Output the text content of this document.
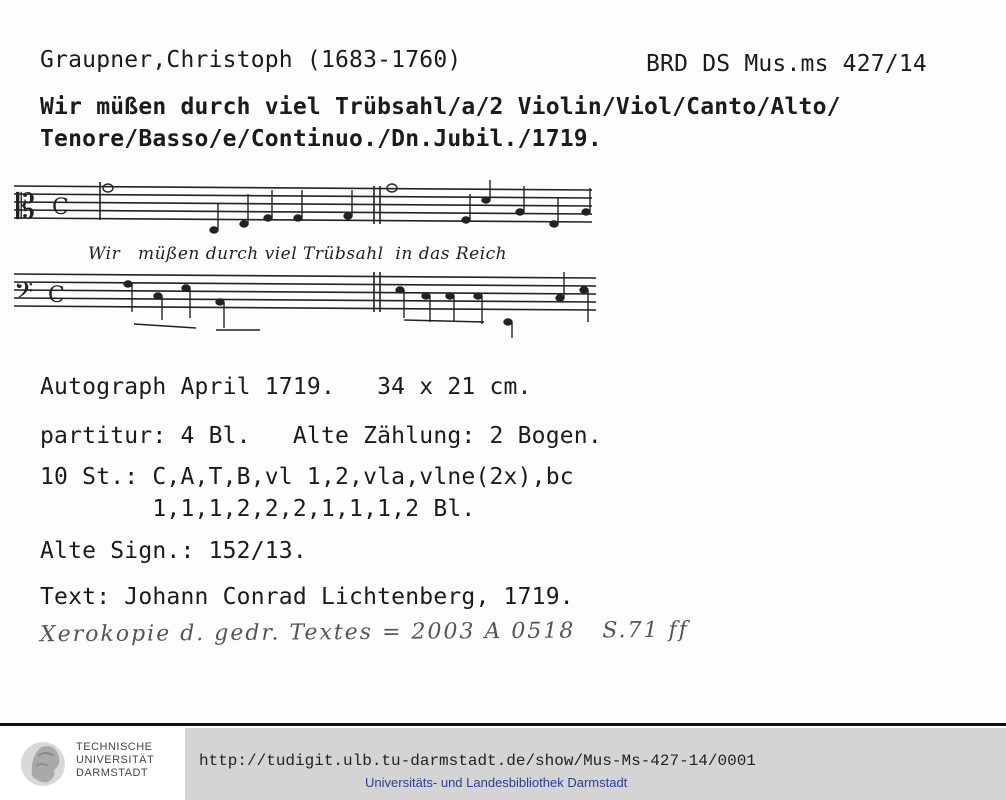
Graupner,Christoph (1683-1760)	BRD DS Mus.ms 427/14
Wir müßen durch viel Trübsahl/a/2 Violin/Viol/Canto/Alto/
Tenore/Basso/e/Continuo./Dn.Jubil./1719.
𝄡 C
𝄢 C
Wir   müßen durch viel Trübsahl  in das Reich
Autograph April 1719.   34 x 21 cm.
partitur: 4 Bl.   Alte Zählung: 2 Bogen.
10 St.: C,A,T,B,vl 1,2,vla,vlne(2x),bc
1,1,1,2,2,2,1,1,1,2 Bl.
Alte Sign.: 152/13.
Text: Johann Conrad Lichtenberg, 1719.
Xerokopie d. gedr. Textes = 2003 A 0518   S.71 ff
TECHNISCHE
UNIVERSITÄT
DARMSTADT
http://tudigit.ulb.tu-darmstadt.de/show/Mus-Ms-427-14/0001
Universitäts- und Landesbibliothek Darmstadt
